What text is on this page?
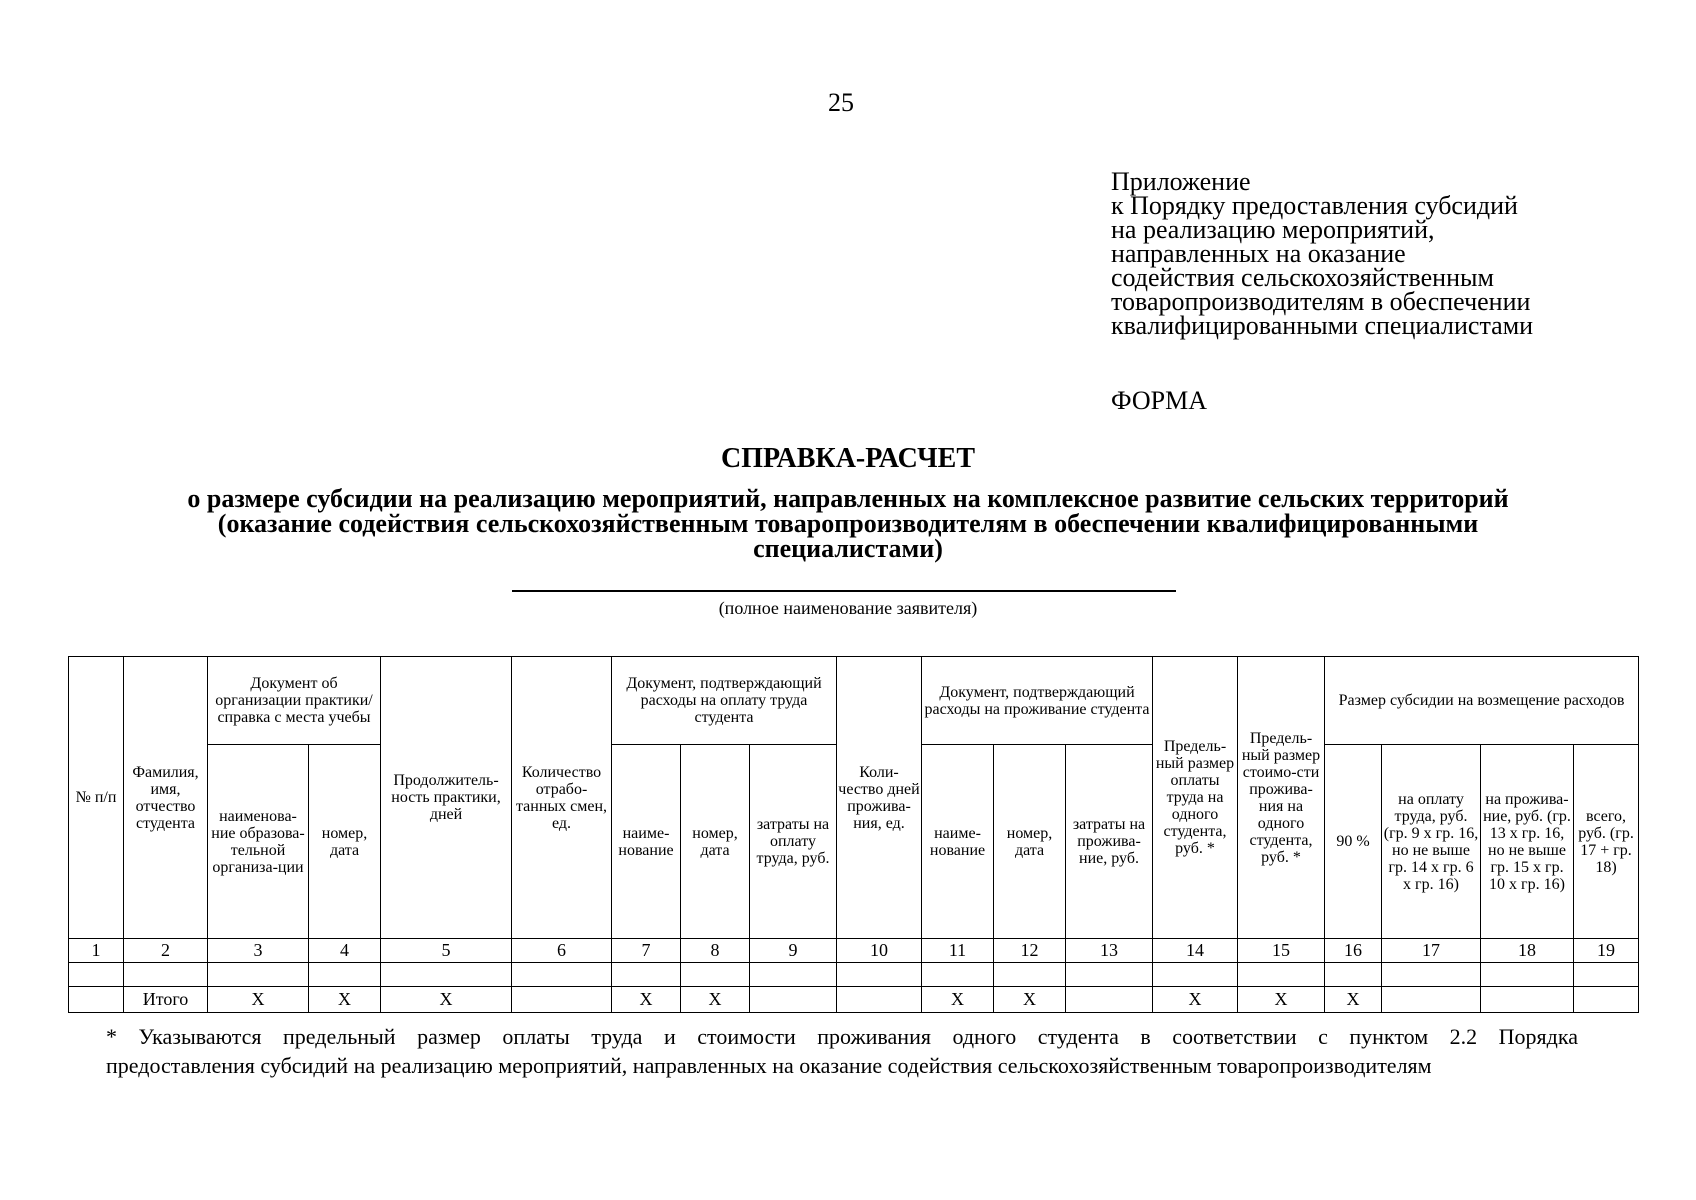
25
Приложение
к Порядку предоставления субсидий
на реализацию мероприятий,
направленных на оказание
содействия сельскохозяйственным
товаропроизводителям в обеспечении
квалифицированными специалистами
ФОРМА
СПРАВКА-РАСЧЕТ
о размере субсидии на реализацию мероприятий, направленных на комплексное развитие сельских территорий
(оказание содействия сельскохозяйственным товаропроизводителям в обеспечении квалифицированными
специалистами)
(полное наименование заявителя)
№ п/п	Фамилия, имя, отчество студента	Документ об организации практики/справка с места учебы		Продолжитель-ность практики, дней	Количество отрабо-танных смен, ед.	Документ, подтверждающий расходы на оплату труда студента			Коли-чество дней прожива-ния, ед.	Документ, подтверждающий расходы на проживание студента			Предель-ный размер оплаты труда на одного студента, руб. *	Предель-ный размер стоимо-сти прожива-ния на одного студента, руб. *	Размер субсидии на возмещение расходов			
		наименова-ние образова-тельной организа-ции	номер, дата			наиме-нование	номер, дата	затраты на оплату труда, руб.		наиме-нование	номер, дата	затраты на прожива-ние, руб.			90 %	на оплату труда, руб. (гр. 9 х гр. 16, но не выше гр. 14 х гр. 6 х гр. 16)	на прожива-ние, руб. (гр. 13 х гр. 16, но не выше гр. 15 х гр. 10 х гр. 16)	всего, руб. (гр. 17 + гр. 18)
1	2	3	4	5	6	7	8	9	10	11	12	13	14	15	16	17	18	19

	Итого	X	X	X		X	X			X	X		X	X	X			
* Указываются предельный размер оплаты труда и стоимости проживания одного студента в соответствии с пунктом 2.2 Порядка
предоставления субсидий на реализацию мероприятий, направленных на оказание содействия сельскохозяйственным товаропроизводителям
